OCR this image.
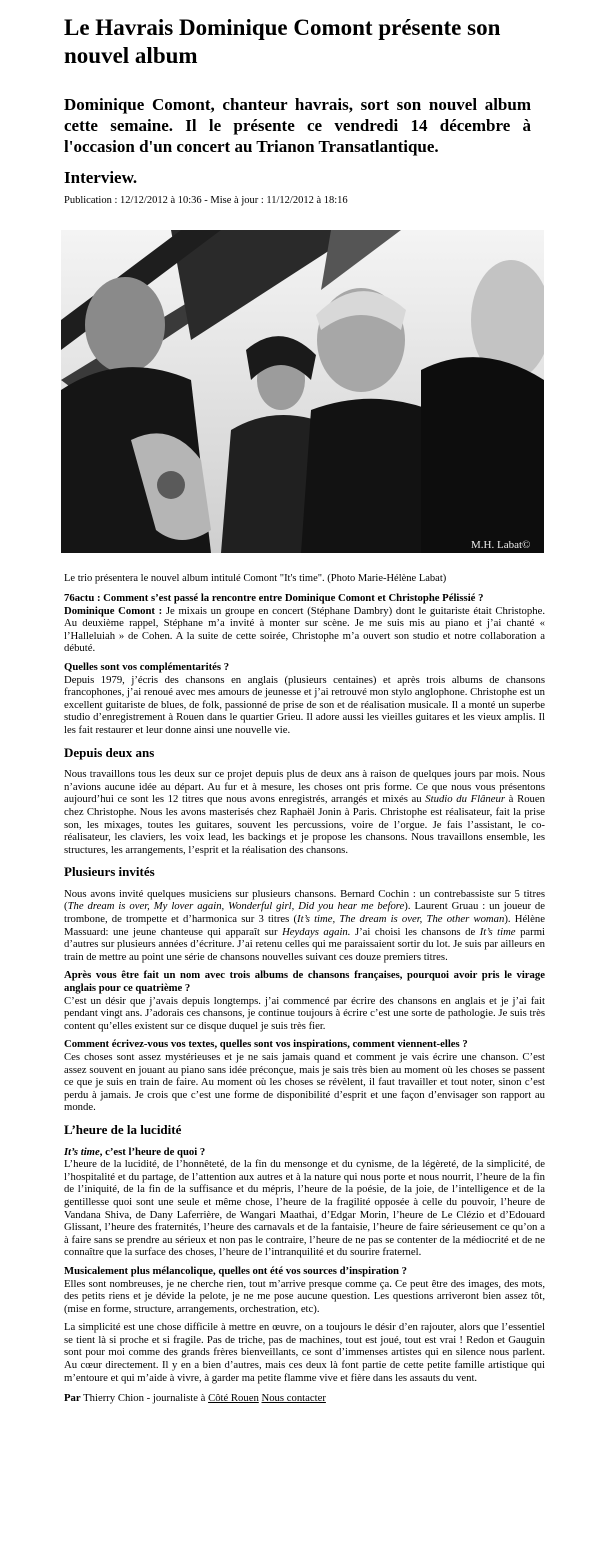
Le Havrais Dominique Comont présente son nouvel album

Dominique Comont, chanteur havrais, sort son nouvel album cette semaine. Il le présente ce vendredi 14 décembre à l'occasion d'un concert au Trianon Transatlantique.

Interview.

Publication : 12/12/2012 à 10:36 - Mise à jour : 11/12/2012 à 18:16
M.H. Labat©
Le trio présentera le nouvel album intitulé Comont "It's time". (Photo Marie-Hélène Labat)

76actu : Comment s’est passé la rencontre entre Dominique Comont et Christophe Pélissié ?

Dominique Comont : Je mixais un groupe en concert (Stéphane Dambry) dont le guitariste était Christophe. Au deuxième rappel, Stéphane m’a invité à monter sur scène. Je me suis mis au piano et j’ai chanté « l’Halleluiah » de Cohen. A la suite de cette soirée, Christophe m’a ouvert son studio et notre collaboration a débuté.

Quelles sont vos complémentarités ?

Depuis 1979, j’écris des chansons en anglais (plusieurs centaines) et après trois albums de chansons francophones, j’ai renoué avec mes amours de jeunesse et j’ai retrouvé mon stylo anglophone. Christophe est un excellent guitariste de blues, de folk, passionné de prise de son et de réalisation musicale. Il a monté un superbe studio d’enregistrement à Rouen dans le quartier Grieu. Il adore aussi les vieilles guitares et les vieux amplis. Il les fait restaurer et leur donne ainsi une nouvelle vie.

Depuis deux ans

Nous travaillons tous les deux sur ce projet depuis plus de deux ans à raison de quelques jours par mois. Nous n’avions aucune idée au départ. Au fur et à mesure, les choses ont pris forme. Ce que nous vous présentons aujourd’hui ce sont les 12 titres que nous avons enregistrés, arrangés et mixés au Studio du Flâneur à Rouen chez Christophe. Nous les avons masterisés chez Raphaël Jonin à Paris. Christophe est réalisateur, fait la prise son, les mixages, toutes les guitares, souvent les percussions, voire de l’orgue. Je fais l’assistant, le co-réalisateur, les claviers, les voix lead, les backings et je propose les chansons. Nous travaillons ensemble, les structures, les arrangements, l’esprit et la réalisation des chansons.

Plusieurs invités

Nous avons invité quelques musiciens sur plusieurs chansons. Bernard Cochin : un contrebassiste sur 5 titres (The dream is over, My lover again, Wonderful girl, Did you hear me before). Laurent Gruau : un joueur de trombone, de trompette et d’harmonica sur 3 titres (It’s time, The dream is over, The other woman). Hélène Massuard: une jeune chanteuse qui apparaît sur Heydays again. J’ai choisi les chansons de It’s time parmi d’autres sur plusieurs années d’écriture. J’ai retenu celles qui me paraissaient sortir du lot. Je suis par ailleurs en train de mettre au point une série de chansons nouvelles suivant ces douze premiers titres.

Après vous être fait un nom avec trois albums de chansons françaises, pourquoi avoir pris le virage anglais pour ce quatrième ?

C’est un désir que j’avais depuis longtemps. j’ai commencé par écrire des chansons en anglais et je j’ai fait pendant vingt ans. J’adorais ces chansons, je continue toujours à écrire c’est une sorte de pathologie. Je suis très content qu’elles existent sur ce disque duquel je suis très fier.

Comment écrivez-vous vos textes, quelles sont vos inspirations, comment viennent-elles ?

Ces choses sont assez mystérieuses et je ne sais jamais quand et comment je vais écrire une chanson. C’est assez souvent en jouant au piano sans idée préconçue, mais je sais très bien au moment où les choses se passent ce que je suis en train de faire. Au moment où les choses se révèlent, il faut travailler et tout noter, sinon c’est perdu à jamais. Je crois que c’est une forme de disponibilité d’esprit et une façon d’envisager son rapport au monde.

L’heure de la lucidité

It’s time, c’est l’heure de quoi ?

L’heure de la lucidité, de l’honnêteté, de la fin du mensonge et du cynisme, de la légèreté, de la simplicité, de l’hospitalité et du partage, de l’attention aux autres et à la nature qui nous porte et nous nourrit, l’heure de la fin de l’iniquité, de la fin de la suffisance et du mépris, l’heure de la poésie, de la joie, de l’intelligence et de la gentillesse quoi sont une seule et même chose, l’heure de la fragilité opposée à celle du pouvoir, l’heure de Vandana Shiva, de Dany Laferrière, de Wangari Maathai, d’Edgar Morin, l’heure de Le Clézio et d’Edouard Glissant, l’heure des fraternités, l’heure des carnavals et de la fantaisie, l’heure de faire sérieusement ce qu’on a à faire sans se prendre au sérieux et non pas le contraire, l’heure de ne pas se contenter de la médiocrité et de ne connaître que la surface des choses, l’heure de l’intranquilité et du sourire fraternel.

Musicalement plus mélancolique, quelles ont été vos sources d’inspiration ?

Elles sont nombreuses, je ne cherche rien, tout m’arrive presque comme ça. Ce peut être des images, des mots, des petits riens et je dévide la pelote, je ne me pose aucune question. Les questions arriveront bien assez tôt, (mise en forme, structure, arrangements, orchestration, etc).

La simplicité est une chose difficile à mettre en œuvre, on a toujours le désir d’en rajouter, alors que l’essentiel se tient là si proche et si fragile. Pas de triche, pas de machines, tout est joué, tout est vrai ! Redon et Gauguin sont pour moi comme des grands frères bienveillants, ce sont d’immenses artistes qui en silence nous parlent. Au cœur directement. Il y en a bien d’autres, mais ces deux là font partie de cette petite famille artistique qui m’entoure et qui m’aide à vivre, à garder ma petite flamme vive et fière dans les assauts du vent.

Par Thierry Chion - journaliste à Côté Rouen Nous contacter
